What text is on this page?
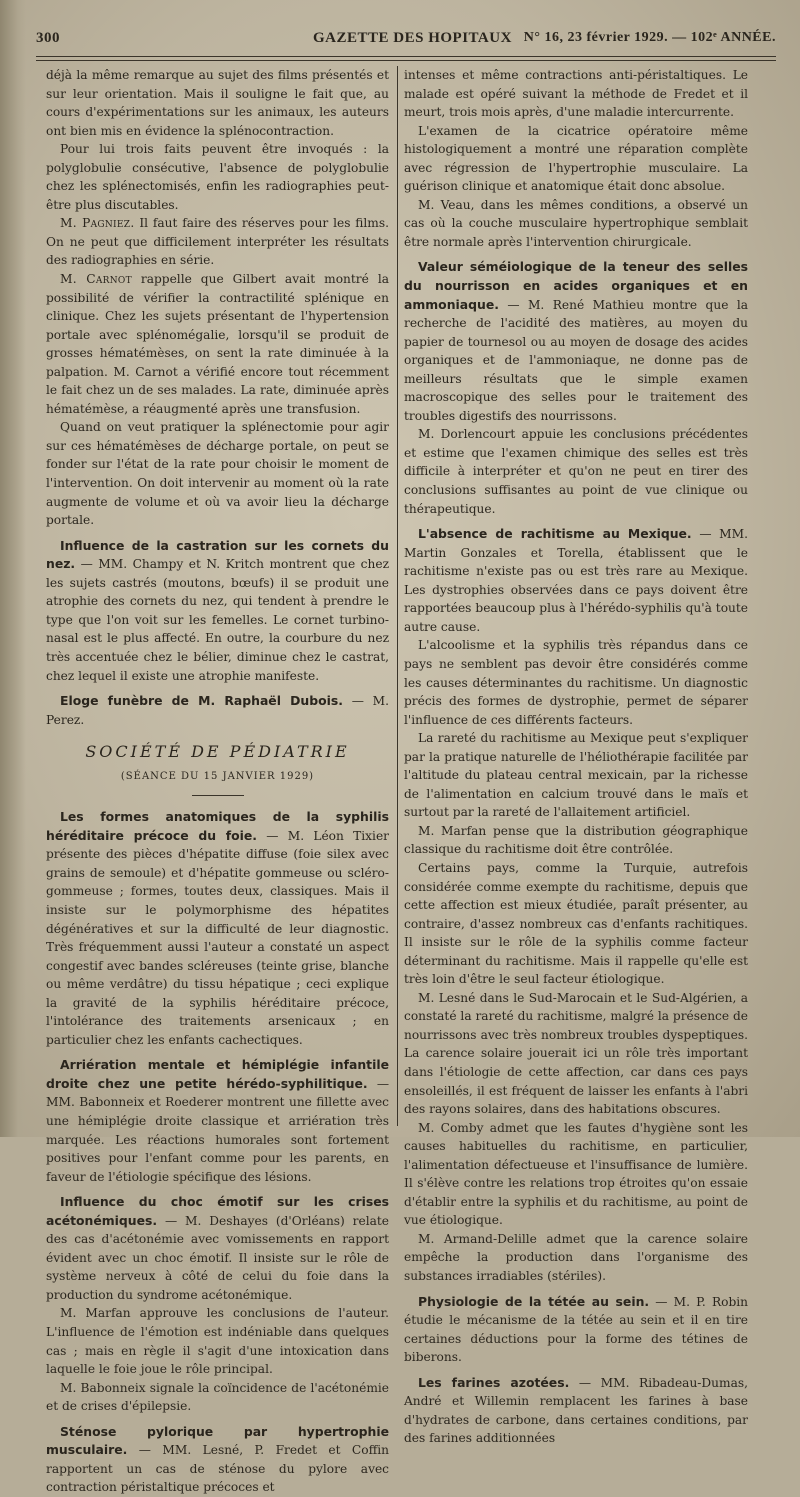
300	GAZETTE DES HOPITAUX N° 16, 23 février 1929. — 102ᵉ ANNÉE.

déjà la même remarque au sujet des films présentés et sur leur orientation. Mais il souligne le fait que, au cours d'expérimentations sur les animaux, les auteurs ont bien mis en évidence la splénocontraction.

Pour lui trois faits peuvent être invoqués : la polyglobulie consécutive, l'absence de polyglobulie chez les splénectomisés, enfin les radiographies peut-être plus discutables.

M. Pagniez. Il faut faire des réserves pour les films. On ne peut que difficilement interpréter les résultats des radiographies en série.

M. Carnot rappelle que Gilbert avait montré la possibilité de vérifier la contractilité splénique en clinique. Chez les sujets présentant de l'hypertension portale avec splénomégalie, lorsqu'il se produit de grosses hématémèses, on sent la rate diminuée à la palpation. M. Carnot a vérifié encore tout récemment le fait chez un de ses malades. La rate, diminuée après hématémèse, a réaugmenté après une transfusion.

Quand on veut pratiquer la splénectomie pour agir sur ces hématémèses de décharge portale, on peut se fonder sur l'état de la rate pour choisir le moment de l'intervention. On doit intervenir au moment où la rate augmente de volume et où va avoir lieu la décharge portale.

Influence de la castration sur les cornets du nez. — MM. Champy et N. Kritch montrent que chez les sujets castrés (moutons, bœufs) il se produit une atrophie des cornets du nez, qui tendent à prendre le type que l'on voit sur les femelles. Le cornet turbino-nasal est le plus affecté. En outre, la courbure du nez très accentuée chez le bélier, diminue chez le castrat, chez lequel il existe une atrophie manifeste.

Eloge funèbre de M. Raphaël Dubois. — M. Perez.

SOCIÉTÉ DE PÉDIATRIE
(SÉANCE DU 15 JANVIER 1929)

Les formes anatomiques de la syphilis héréditaire précoce du foie. — M. Léon Tixier présente des pièces d'hépatite diffuse (foie silex avec grains de semoule) et d'hépatite gommeuse ou scléro-gommeuse ; formes, toutes deux, classiques. Mais il insiste sur le polymorphisme des hépatites dégénératives et sur la difficulté de leur diagnostic. Très fréquemment aussi l'auteur a constaté un aspect congestif avec bandes scléreuses (teinte grise, blanche ou même verdâtre) du tissu hépatique ; ceci explique la gravité de la syphilis héréditaire précoce, l'intolérance des traitements arsenicaux ; en particulier chez les enfants cachectiques.

Arriération mentale et hémiplégie infantile droite chez une petite hérédo-syphilitique. — MM. Babonneix et Roederer montrent une fillette avec une hémiplégie droite classique et arriération très marquée. Les réactions humorales sont fortement positives pour l'enfant comme pour les parents, en faveur de l'étiologie spécifique des lésions.

Influence du choc émotif sur les crises acétonémiques. — M. Deshayes (d'Orléans) relate des cas d'acétonémie avec vomissements en rapport évident avec un choc émotif. Il insiste sur le rôle de système nerveux à côté de celui du foie dans la production du syndrome acétonémique.

M. Marfan approuve les conclusions de l'auteur. L'influence de l'émotion est indéniable dans quelques cas ; mais en règle il s'agit d'une intoxication dans laquelle le foie joue le rôle principal.

M. Babonneix signale la coïncidence de l'acétonémie et de crises d'épilepsie.

Sténose pylorique par hypertrophie musculaire. — MM. Lesné, P. Fredet et Coffin rapportent un cas de sténose du pylore avec contraction péristaltique précoces et

intenses et même contractions anti-péristaltiques. Le malade est opéré suivant la méthode de Fredet et il meurt, trois mois après, d'une maladie intercurrente.

L'examen de la cicatrice opératoire même histologiquement a montré une réparation complète avec régression de l'hypertrophie musculaire. La guérison clinique et anatomique était donc absolue.

M. Veau, dans les mêmes conditions, a observé un cas où la couche musculaire hypertrophique semblait être normale après l'intervention chirurgicale.

Valeur séméiologique de la teneur des selles du nourrisson en acides organiques et en ammoniaque. — M. René Mathieu montre que la recherche de l'acidité des matières, au moyen du papier de tournesol ou au moyen de dosage des acides organiques et de l'ammoniaque, ne donne pas de meilleurs résultats que le simple examen macroscopique des selles pour le traitement des troubles digestifs des nourrissons.

M. Dorlencourt appuie les conclusions précédentes et estime que l'examen chimique des selles est très difficile à interpréter et qu'on ne peut en tirer des conclusions suffisantes au point de vue clinique ou thérapeutique.

L'absence de rachitisme au Mexique. — MM. Martin Gonzales et Torella, établissent que le rachitisme n'existe pas ou est très rare au Mexique. Les dystrophies observées dans ce pays doivent être rapportées beaucoup plus à l'hérédo-syphilis qu'à toute autre cause.

L'alcoolisme et la syphilis très répandus dans ce pays ne semblent pas devoir être considérés comme les causes déterminantes du rachitisme. Un diagnostic précis des formes de dystrophie, permet de séparer l'influence de ces différents facteurs.

La rareté du rachitisme au Mexique peut s'expliquer par la pratique naturelle de l'héliothérapie facilitée par l'altitude du plateau central mexicain, par la richesse de l'alimentation en calcium trouvé dans le maïs et surtout par la rareté de l'allaitement artificiel.

M. Marfan pense que la distribution géographique classique du rachitisme doit être contrôlée.

Certains pays, comme la Turquie, autrefois considérée comme exempte du rachitisme, depuis que cette affection est mieux étudiée, paraît présenter, au contraire, d'assez nombreux cas d'enfants rachitiques. Il insiste sur le rôle de la syphilis comme facteur déterminant du rachitisme. Mais il rappelle qu'elle est très loin d'être le seul facteur étiologique.

M. Lesné dans le Sud-Marocain et le Sud-Algérien, a constaté la rareté du rachitisme, malgré la présence de nourrissons avec très nombreux troubles dyspeptiques. La carence solaire jouerait ici un rôle très important dans l'étiologie de cette affection, car dans ces pays ensoleillés, il est fréquent de laisser les enfants à l'abri des rayons solaires, dans des habitations obscures.

M. Comby admet que les fautes d'hygiène sont les causes habituelles du rachitisme, en particulier, l'alimentation défectueuse et l'insuffisance de lumière. Il s'élève contre les relations trop étroites qu'on essaie d'établir entre la syphilis et du rachitisme, au point de vue étiologique.

M. Armand-Delille admet que la carence solaire empêche la production dans l'organisme des substances irradiables (stériles).

Physiologie de la tétée au sein. — M. P. Robin étudie le mécanisme de la tétée au sein et il en tire certaines déductions pour la forme des tétines de biberons.

Les farines azotées. — MM. Ribadeau-Dumas, André et Willemin remplacent les farines à base d'hydrates de carbone, dans certaines conditions, par des farines additionnées
